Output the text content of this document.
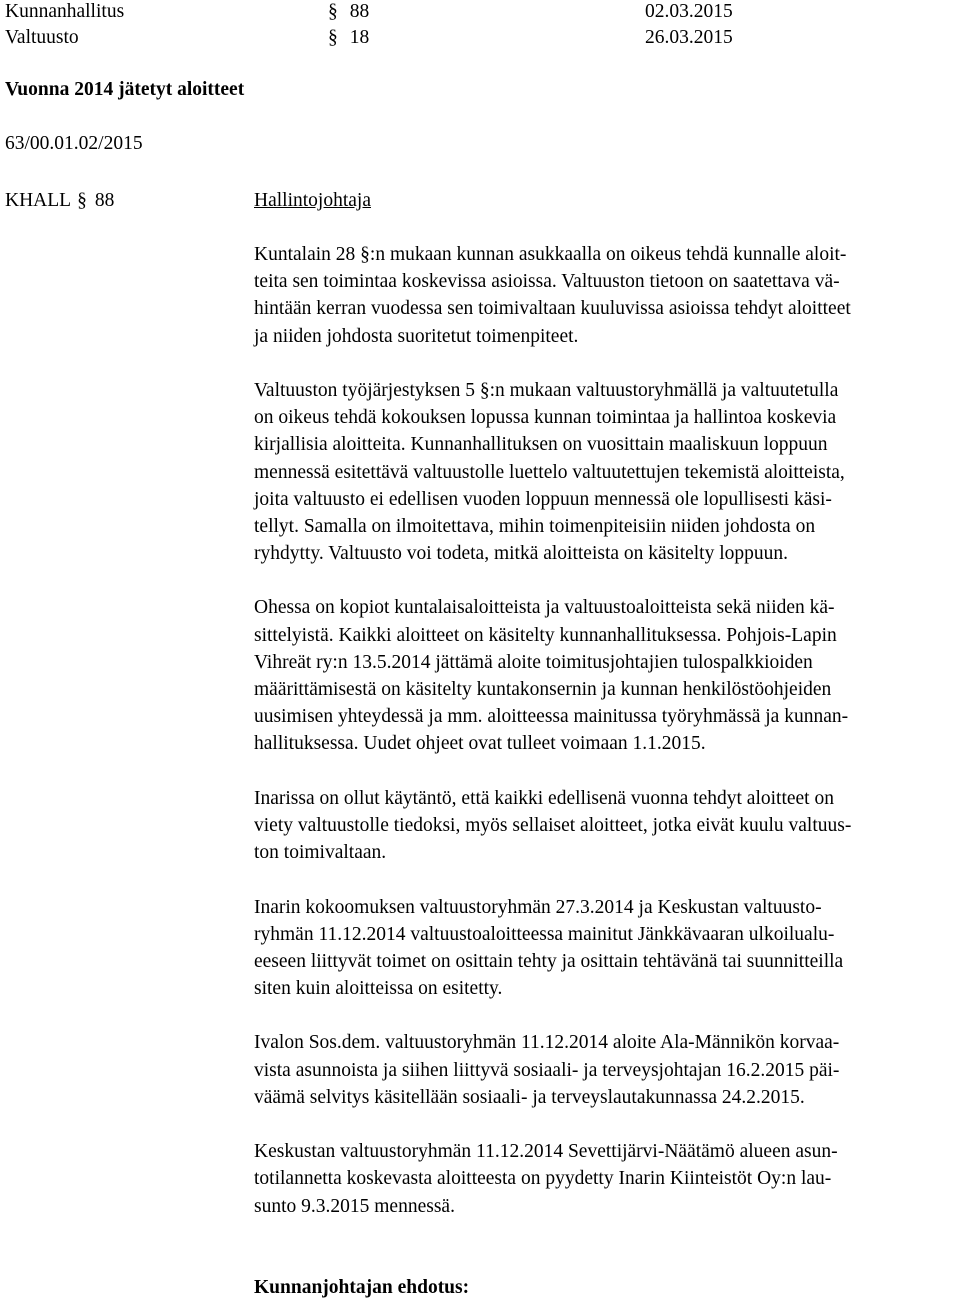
Kunnanhallitus	§ 88	02.03.2015
Valtuusto	§ 18	26.03.2015
Vuonna 2014 jätetyt aloitteet
63/00.01.02/2015
KHALL § 88	Hallintojohtaja
Kuntalain 28 §:n mukaan kunnan asukkaalla on oikeus tehdä kunnalle aloit-
teita sen toimintaa koskevissa asioissa. Valtuuston tietoon on saatettava vä-
hintään kerran vuodessa sen toimivaltaan kuuluvissa asioissa tehdyt aloitteet
ja niiden johdosta suoritetut toimenpiteet.
Valtuuston työjärjestyksen 5 §:n mukaan valtuustoryhmällä ja valtuutetulla
on oikeus tehdä kokouksen lopussa kunnan toimintaa ja hallintoa koskevia
kirjallisia aloitteita. Kunnanhallituksen on vuosittain maaliskuun loppuun
mennessä esitettävä valtuustolle luettelo valtuutettujen tekemistä aloitteista,
joita valtuusto ei edellisen vuoden loppuun mennessä ole lopullisesti käsi-
tellyt. Samalla on ilmoitettava, mihin toimenpiteisiin niiden johdosta on
ryhdytty. Valtuusto voi todeta, mitkä aloitteista on käsitelty loppuun.
Ohessa on kopiot kuntalaisaloitteista ja valtuustoaloitteista sekä niiden kä-
sittelyistä. Kaikki aloitteet on käsitelty kunnanhallituksessa. Pohjois-Lapin
Vihreät ry:n 13.5.2014 jättämä aloite toimitusjohtajien tulospalkkioiden
määrittämisestä on käsitelty kuntakonsernin ja kunnan henkilöstöohjeiden
uusimisen yhteydessä ja mm. aloitteessa mainitussa työryhmässä ja kunnan-
hallituksessa. Uudet ohjeet ovat tulleet voimaan 1.1.2015.
Inarissa on ollut käytäntö, että kaikki edellisenä vuonna tehdyt aloitteet on
viety valtuustolle tiedoksi, myös sellaiset aloitteet, jotka eivät kuulu valtuus-
ton toimivaltaan.
Inarin kokoomuksen valtuustoryhmän 27.3.2014 ja Keskustan valtuusto-
ryhmän 11.12.2014 valtuustoaloitteessa mainitut Jänkkävaaran ulkoilualu-
eeseen liittyvät toimet on osittain tehty ja osittain tehtävänä tai suunnitteilla
siten kuin aloitteissa on esitetty.
Ivalon Sos.dem. valtuustoryhmän 11.12.2014 aloite Ala-Männikön korvaa-
vista asunnoista ja siihen liittyvä sosiaali- ja terveysjohtajan 16.2.2015 päi-
väämä selvitys käsitellään sosiaali- ja terveyslautakunnassa 24.2.2015.
Keskustan valtuustoryhmän 11.12.2014 Sevettijärvi-Näätämö alueen asun-
totilannetta koskevasta aloitteesta on pyydetty Inarin Kiinteistöt Oy:n lau-
sunto 9.3.2015 mennessä.
Kunnanjohtajan ehdotus:
